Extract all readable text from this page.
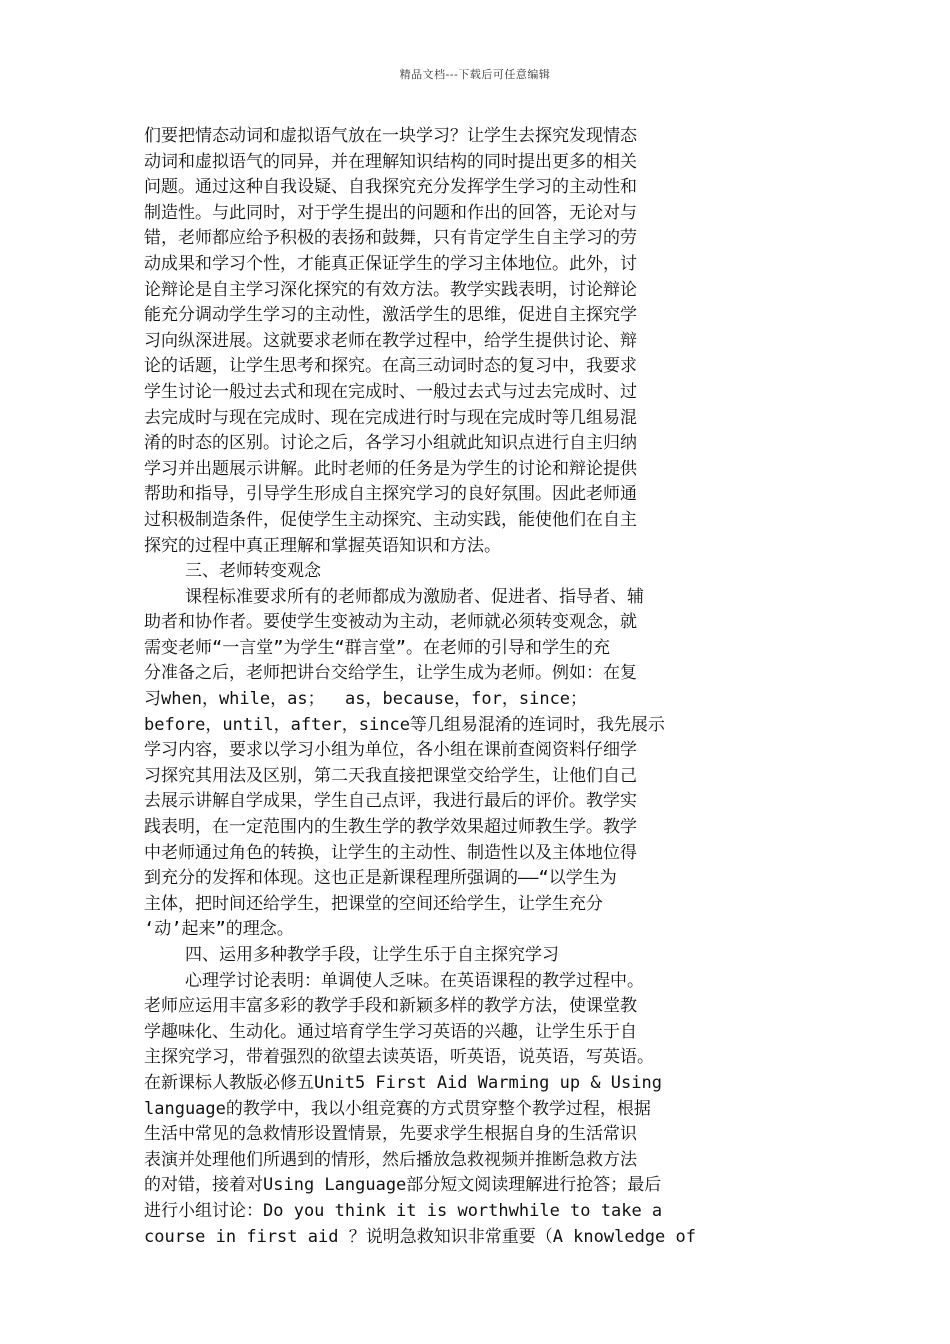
精品文档---下载后可任意编辑
们要把情态动词和虚拟语气放在一块学习？让学生去探究发现情态
动词和虚拟语气的同异，并在理解知识结构的同时提出更多的相关
问题。通过这种自我设疑、自我探究充分发挥学生学习的主动性和
制造性。与此同时，对于学生提出的问题和作出的回答，无论对与
错，老师都应给予积极的表扬和鼓舞，只有肯定学生自主学习的劳
动成果和学习个性，才能真正保证学生的学习主体地位。此外，讨
论辩论是自主学习深化探究的有效方法。教学实践表明，讨论辩论
能充分调动学生学习的主动性，激活学生的思维，促进自主探究学
习向纵深进展。这就要求老师在教学过程中，给学生提供讨论、辩
论的话题，让学生思考和探究。在高三动词时态的复习中，我要求
学生讨论一般过去式和现在完成时、一般过去式与过去完成时、过
去完成时与现在完成时、现在完成进行时与现在完成时等几组易混
淆的时态的区别。讨论之后，各学习小组就此知识点进行自主归纳
学习并出题展示讲解。此时老师的任务是为学生的讨论和辩论提供
帮助和指导，引导学生形成自主探究学习的良好氛围。因此老师通
过积极制造条件，促使学生主动探究、主动实践，能使他们在自主
探究的过程中真正理解和掌握英语知识和方法。
三、老师转变观念
课程标准要求所有的老师都成为激励者、促进者、指导者、辅
助者和协作者。要使学生变被动为主动，老师就必须转变观念，就
需变老师“一言堂”为学生“群言堂”。在老师的引导和学生的充
分准备之后，老师把讲台交给学生，让学生成为老师。例如：在复
习when，while，as；  as，because，for，since；
before，until，after，since等几组易混淆的连词时，我先展示
学习内容，要求以学习小组为单位，各小组在课前查阅资料仔细学
习探究其用法及区别，第二天我直接把课堂交给学生，让他们自己
去展示讲解自学成果，学生自己点评，我进行最后的评价。教学实
践表明，在一定范围内的生教生学的教学效果超过师教生学。教学
中老师通过角色的转换，让学生的主动性、制造性以及主体地位得
到充分的发挥和体现。这也正是新课程理所强调的——“以学生为
主体，把时间还给学生，把课堂的空间还给学生，让学生充分
‘动’起来”的理念。
四、运用多种教学手段，让学生乐于自主探究学习
心理学讨论表明：单调使人乏味。在英语课程的教学过程中。
老师应运用丰富多彩的教学手段和新颖多样的教学方法，使课堂教
学趣味化、生动化。通过培育学生学习英语的兴趣，让学生乐于自
主探究学习，带着强烈的欲望去读英语，听英语，说英语，写英语。
在新课标人教版必修五Unit5 First Aid Warming up & Using
language的教学中，我以小组竞赛的方式贯穿整个教学过程，根据
生活中常见的急救情形设置情景，先要求学生根据自身的生活常识
表演并处理他们所遇到的情形，然后播放急救视频并推断急救方法
的对错，接着对Using Language部分短文阅读理解进行抢答；最后
进行小组讨论：Do you think it is worthwhile to take a
course in first aid ？说明急救知识非常重要（A knowledge of
